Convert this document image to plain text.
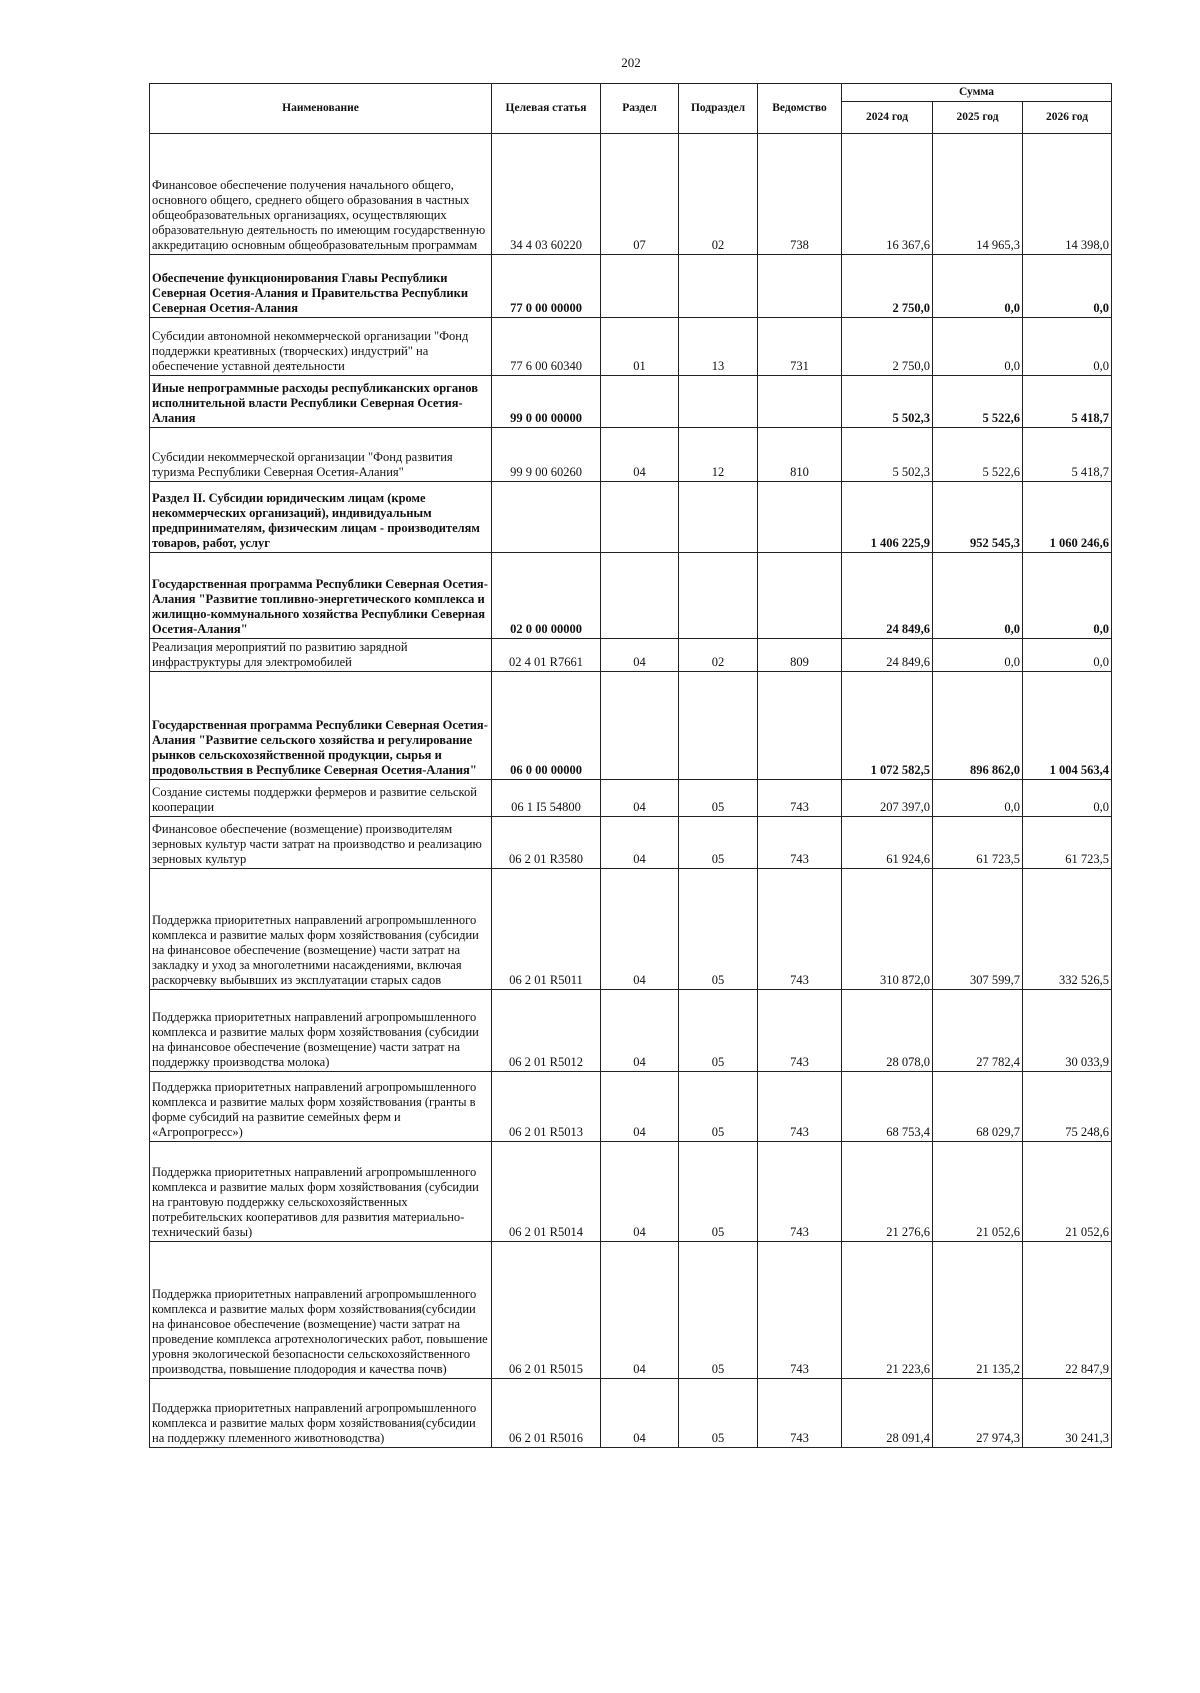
202
Наименование	Целевая статья	Раздел	Подраздел	Ведомство	Сумма		
					2024 год	2025 год	2026 год
Финансовое обеспечение получения начального общего, основного общего, среднего общего образования в частных общеобразовательных организациях, осуществляющих образовательную деятельность по имеющим государственную аккредитацию основным общеобразовательным программам	34 4 03 60220	07	02	738	16 367,6	14 965,3	14 398,0
Обеспечение функционирования Главы Республики Северная Осетия-Алания и Правительства Республики Северная Осетия-Алания	77 0 00 00000				2 750,0	0,0	0,0
Субсидии автономной некоммерческой организации "Фонд поддержки креативных (творческих) индустрий" на обеспечение уставной деятельности	77 6 00 60340	01	13	731	2 750,0	0,0	0,0
Иные непрограммные расходы республиканских органов исполнительной власти Республики Северная Осетия-Алания	99 0 00 00000				5 502,3	5 522,6	5 418,7
Субсидии некоммерческой организации "Фонд развития туризма Республики Северная Осетия-Алания"	99 9 00 60260	04	12	810	5 502,3	5 522,6	5 418,7
Раздел II. Субсидии юридическим лицам (кроме некоммерческих организаций), индивидуальным предпринимателям, физическим лицам - производителям товаров, работ, услуг					1 406 225,9	952 545,3	1 060 246,6
Государственная программа Республики Северная Осетия-Алания "Развитие топливно-энергетического комплекса и жилищно-коммунального хозяйства Республики Северная Осетия-Алания"	02 0 00 00000				24 849,6	0,0	0,0
Реализация мероприятий по развитию зарядной инфраструктуры для электромобилей	02 4 01 R7661	04	02	809	24 849,6	0,0	0,0
Государственная программа Республики Северная Осетия-Алания "Развитие сельского хозяйства и регулирование рынков сельскохозяйственной продукции, сырья и продовольствия в Республике Северная Осетия-Алания"	06 0 00 00000				1 072 582,5	896 862,0	1 004 563,4
Создание системы поддержки фермеров и развитие сельской кооперации	06 1 I5 54800	04	05	743	207 397,0	0,0	0,0
Финансовое обеспечение (возмещение) производителям зерновых культур части затрат на производство и реализацию зерновых культур	06 2 01 R3580	04	05	743	61 924,6	61 723,5	61 723,5
Поддержка приоритетных направлений агропромышленного комплекса и развитие малых форм хозяйствования (субсидии на финансовое обеспечение (возмещение) части затрат на закладку и уход за многолетними насаждениями, включая раскорчевку выбывших из эксплуатации старых садов	06 2 01 R5011	04	05	743	310 872,0	307 599,7	332 526,5
Поддержка приоритетных направлений агропромышленного комплекса и развитие малых форм хозяйствования (субсидии на финансовое обеспечение (возмещение) части затрат на поддержку производства молока)	06 2 01 R5012	04	05	743	28 078,0	27 782,4	30 033,9
Поддержка приоритетных направлений агропромышленного комплекса и развитие малых форм хозяйствования (гранты в форме субсидий на развитие семейных ферм и «Агропрогресс»)	06 2 01 R5013	04	05	743	68 753,4	68 029,7	75 248,6
Поддержка приоритетных направлений агропромышленного комплекса и развитие малых форм хозяйствования (субсидии на грантовую поддержку сельскохозяйственных потребительских кооперативов для развития материально-технический базы)	06 2 01 R5014	04	05	743	21 276,6	21 052,6	21 052,6
Поддержка приоритетных направлений агропромышленного комплекса и развитие малых форм хозяйствования(субсидии на финансовое обеспечение (возмещение) части затрат на проведение комплекса агротехнологических работ, повышение уровня экологической безопасности сельскохозяйственного производства, повышение плодородия и качества почв)	06 2 01 R5015	04	05	743	21 223,6	21 135,2	22 847,9
Поддержка приоритетных направлений агропромышленного комплекса и развитие малых форм хозяйствования(субсидии на поддержку племенного животноводства)	06 2 01 R5016	04	05	743	28 091,4	27 974,3	30 241,3
